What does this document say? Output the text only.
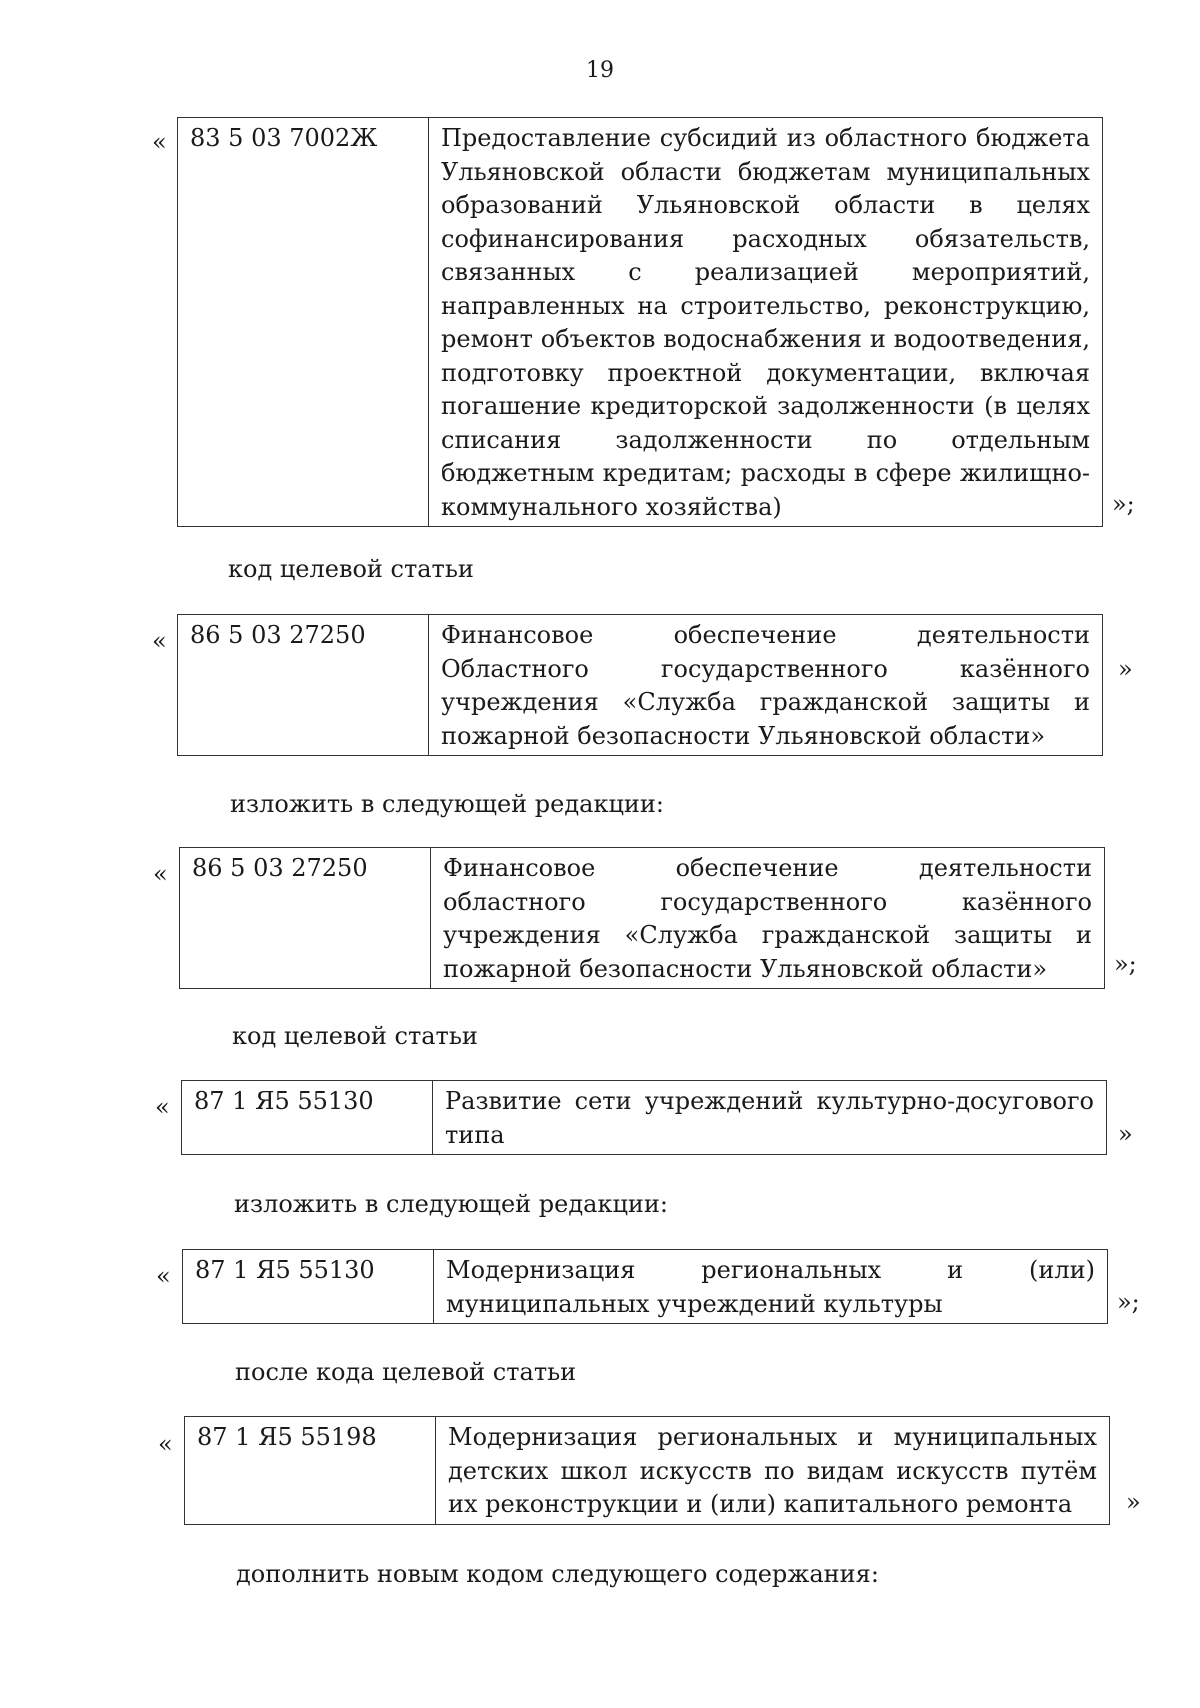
19
« 83 5 03 7002Ж	Предоставление субсидий из областного бюджета Ульяновской области бюджетам муниципальных образований Ульяновской области в целях софинансирования расходных обязательств, связанных с реализацией мероприятий, направленных на строительство, реконструкцию, ремонт объектов водоснабжения и водоотведения, подготовку проектной документации, включая погашение кредиторской задолженности (в целях списания задолженности по отдельным бюджетным кредитам; расходы в сфере жилищно-коммунального хозяйства)	»;
код целевой статьи
« 86 5 03 27250	Финансовое обеспечение деятельности Областного государственного казённого учреждения «Служба гражданской защиты и пожарной безопасности Ульяновской области»
»
изложить в следующей редакции:
« 86 5 03 27250	Финансовое обеспечение деятельности областного государственного казённого учреждения «Служба гражданской защиты и пожарной безопасности Ульяновской области»	»;
код целевой статьи
« 87 1 Я5 55130	Развитие сети учреждений культурно-досугового типа	»
изложить в следующей редакции:
« 87 1 Я5 55130	Модернизация региональных и (или) муниципальных учреждений культуры	»;
после кода целевой статьи
« 87 1 Я5 55198	Модернизация региональных и муниципальных детских школ искусств по видам искусств путём их реконструкции и (или) капитального ремонта »
дополнить новым кодом следующего содержания:
